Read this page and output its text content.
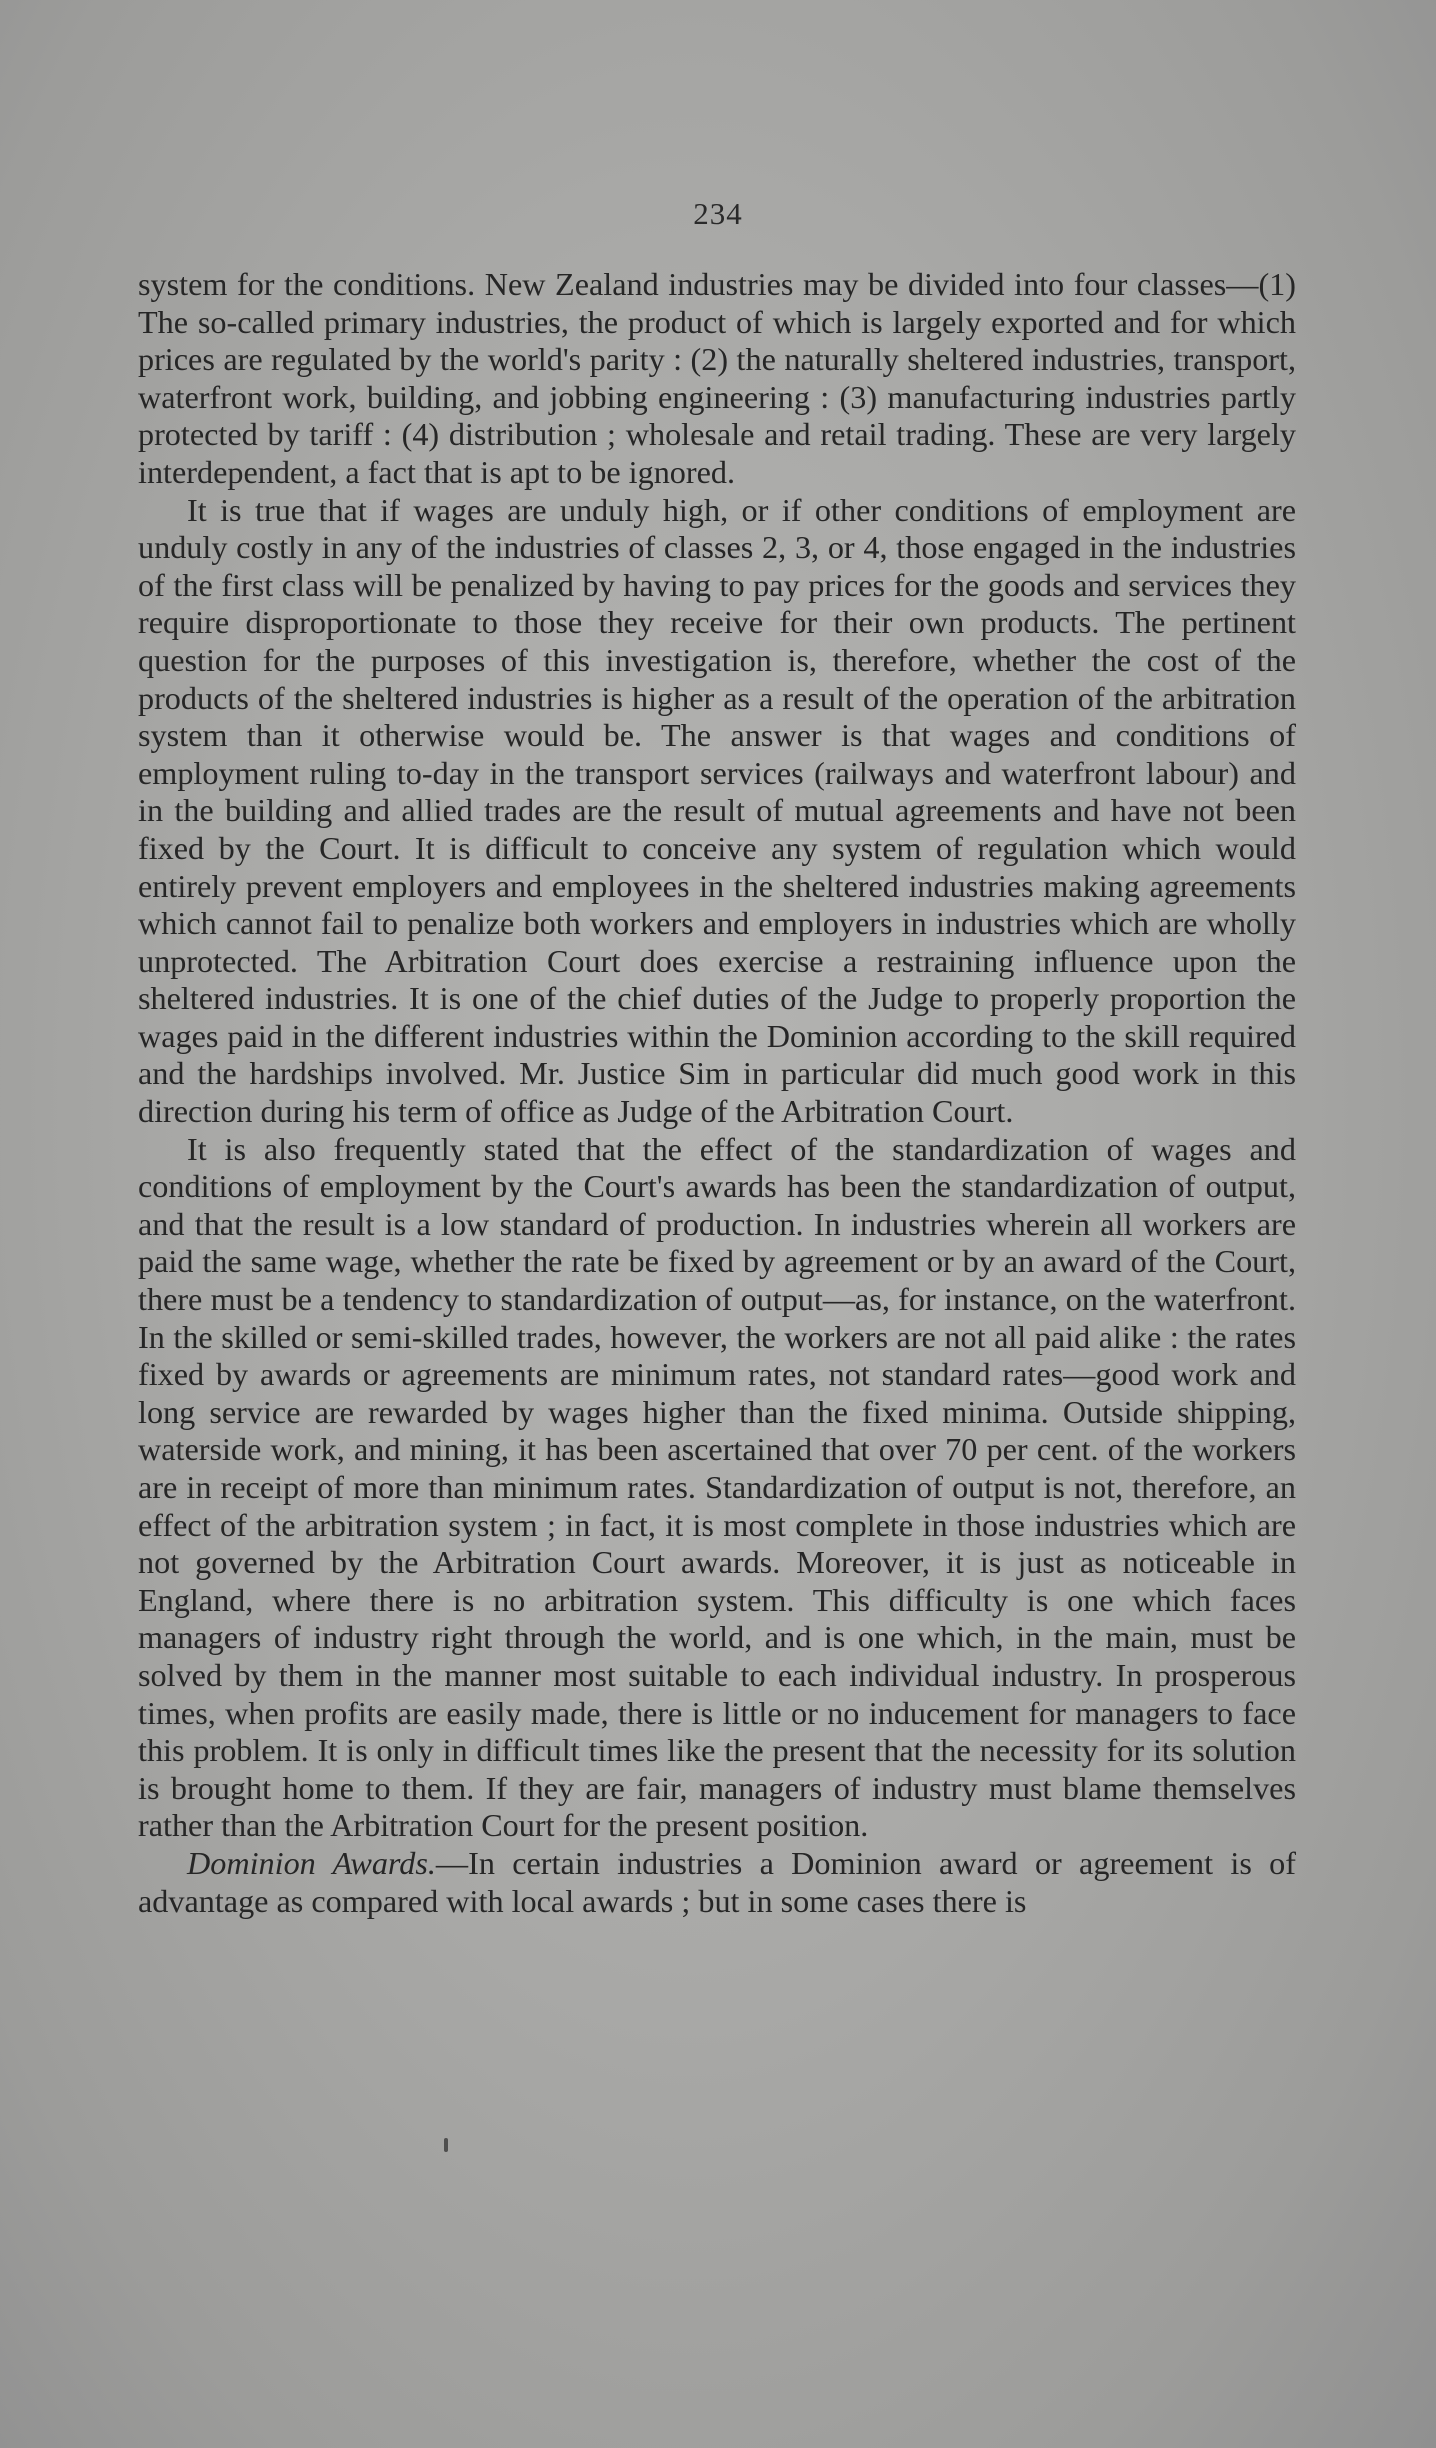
234

system for the conditions. New Zealand industries may be divided into four classes—(1) The so-called primary industries, the product of which is largely exported and for which prices are regulated by the world's parity : (2) the naturally sheltered industries, transport, waterfront work, building, and jobbing engineering : (3) manufacturing industries partly protected by tariff : (4) distribution ; wholesale and retail trading. These are very largely interdependent, a fact that is apt to be ignored.

It is true that if wages are unduly high, or if other conditions of employment are unduly costly in any of the industries of classes 2, 3, or 4, those engaged in the industries of the first class will be penalized by having to pay prices for the goods and services they require disproportionate to those they receive for their own products. The pertinent question for the purposes of this investigation is, therefore, whether the cost of the products of the sheltered industries is higher as a result of the operation of the arbitration system than it otherwise would be. The answer is that wages and conditions of employment ruling to-day in the transport services (railways and waterfront labour) and in the building and allied trades are the result of mutual agreements and have not been fixed by the Court. It is difficult to conceive any system of regulation which would entirely prevent employers and employees in the sheltered industries making agreements which cannot fail to penalize both workers and employers in industries which are wholly unprotected. The Arbitration Court does exercise a restraining influence upon the sheltered industries. It is one of the chief duties of the Judge to properly proportion the wages paid in the different industries within the Dominion according to the skill required and the hardships involved. Mr. Justice Sim in particular did much good work in this direction during his term of office as Judge of the Arbitration Court.

It is also frequently stated that the effect of the standardization of wages and conditions of employment by the Court's awards has been the standardization of output, and that the result is a low standard of production. In industries wherein all workers are paid the same wage, whether the rate be fixed by agreement or by an award of the Court, there must be a tendency to standardization of output—as, for instance, on the waterfront. In the skilled or semi-skilled trades, however, the workers are not all paid alike : the rates fixed by awards or agreements are minimum rates, not standard rates—good work and long service are rewarded by wages higher than the fixed minima. Outside shipping, waterside work, and mining, it has been ascertained that over 70 per cent. of the workers are in receipt of more than minimum rates. Standardization of output is not, therefore, an effect of the arbitration system ; in fact, it is most complete in those industries which are not governed by the Arbitration Court awards. Moreover, it is just as noticeable in England, where there is no arbitration system. This difficulty is one which faces managers of industry right through the world, and is one which, in the main, must be solved by them in the manner most suitable to each individual industry. In prosperous times, when profits are easily made, there is little or no inducement for managers to face this problem. It is only in difficult times like the present that the necessity for its solution is brought home to them. If they are fair, managers of industry must blame themselves rather than the Arbitration Court for the present position.

Dominion Awards.—In certain industries a Dominion award or agreement is of advantage as compared with local awards ; but in some cases there is
